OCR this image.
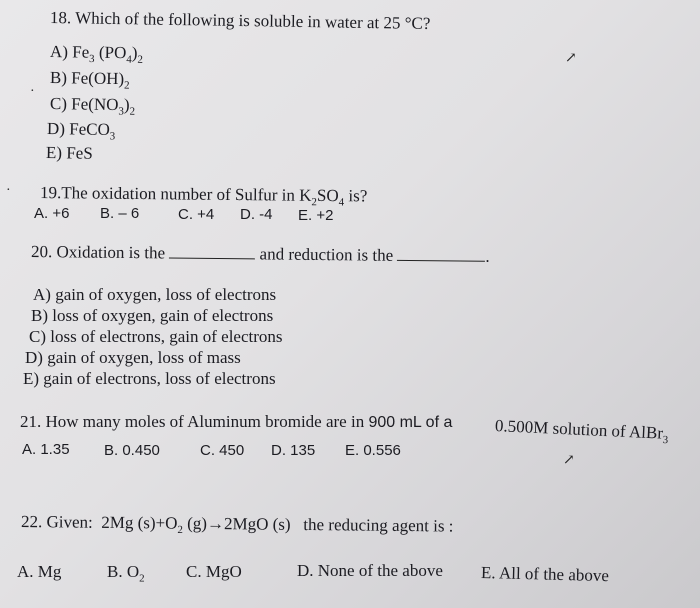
18. Which of the following is soluble in water at 25 °C?
A) $Fe_3$ $(PO_4)_2$
B) $Fe(OH)_2$
C) $Fe(NO_3)_2$
D) FeCO$_3$
E) FeS
·
↗
· 19.The oxidation number of Sulfur in $K_2SO_4$ is?
A. +6 B. – 6	C. +4 D. -4 E. +2
20. Oxidation is the	and reduction is the	.
A) gain of oxygen, loss of electrons
B) loss of oxygen, gain of electrons
C) loss of electrons, gain of electrons
D) gain of oxygen, loss of mass
E) gain of electrons, loss of electrons
21. How many moles of Aluminum bromide are in 900 mL of a 0.500M solution of AlBr$_3$
A. 1.35 B. 0.450	C. 450 D. 135 E. 0.556
↗
22. Given: 2Mg $(s)+O_2$ (g)→2MgO (s) the reducing agent is :
A. Mg	B. $O_2$ C. MgO	D. None of the above E. All of the above
